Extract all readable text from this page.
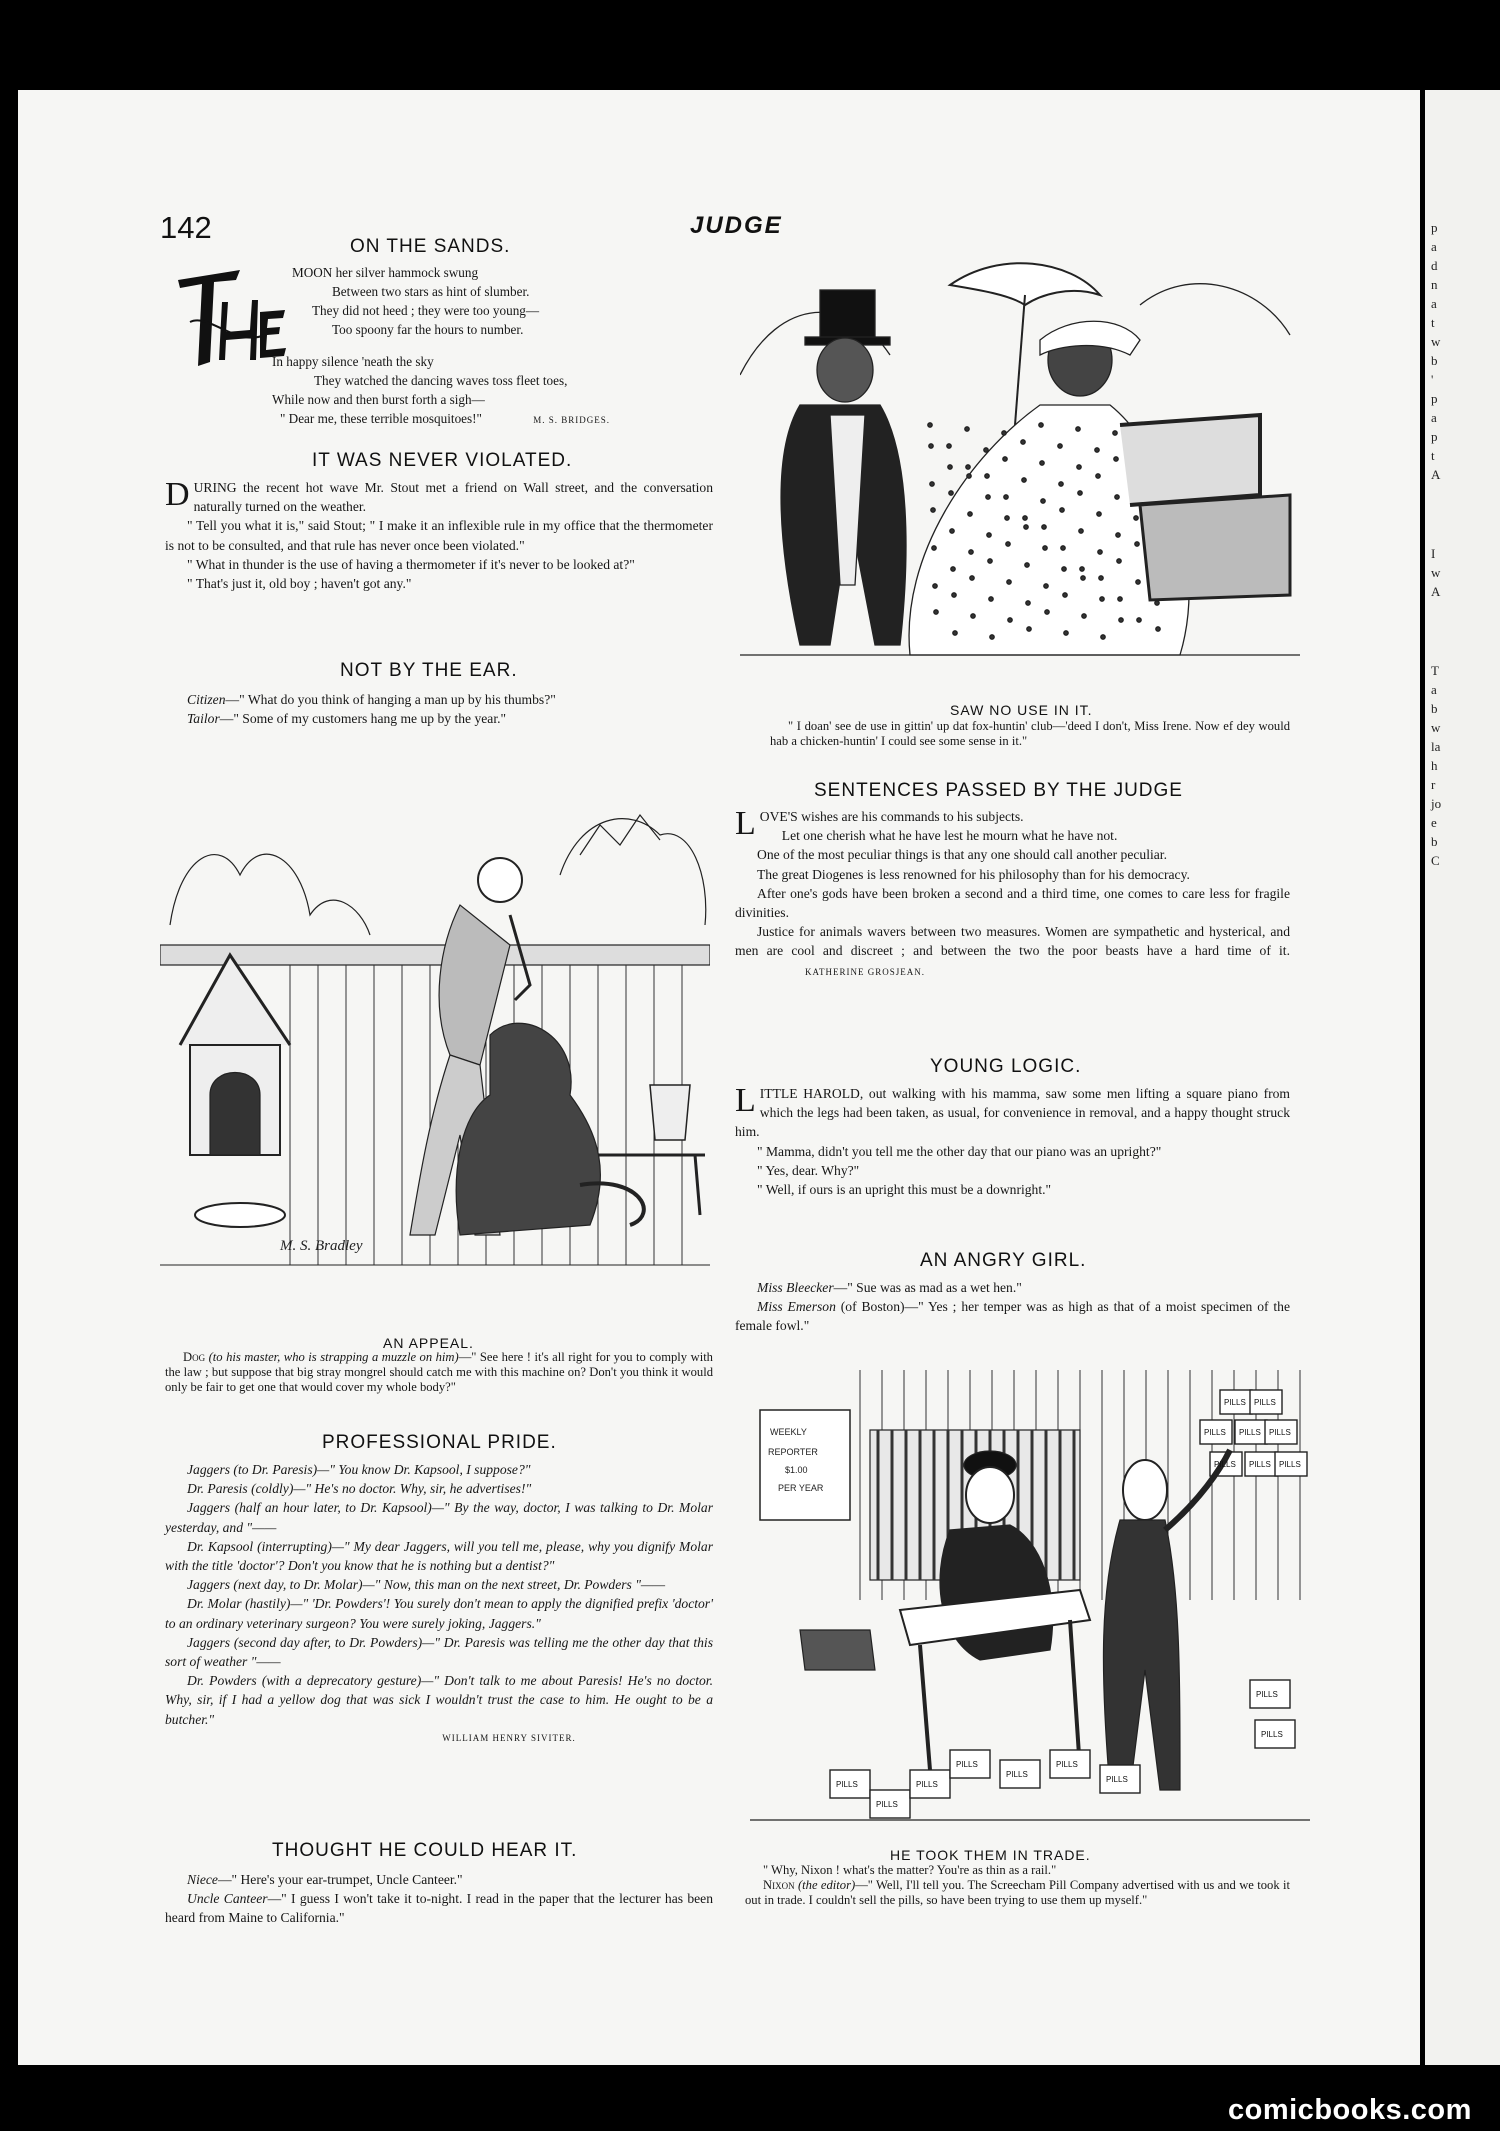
p
a
d
n
a
t
w
b
'
p
a
p
t
A
I
w
A
T
a
b
w
la
h
r
jo
e
b
C
142	JUDGE
ON THE SANDS.
MOON her silver hammock swung
Between two stars as hint of slumber.
They did not heed ; they were too young—
Too spoony far the hours to number.
In happy silence 'neath the sky
They watched the dancing waves toss fleet toes,
While now and then burst forth a sigh—
" Dear me, these terrible mosquitoes!"	M. S. BRIDGES.
IT WAS NEVER VIOLATED.

DURING the recent hot wave Mr. Stout met a friend on Wall street, and the conversation naturally turned on the weather.

" Tell you what it is," said Stout; " I make it an inflexible rule in my office that the thermometer is not to be consulted, and that rule has never once been violated."

" What in thunder is the use of having a thermometer if it's never to be looked at?"

" That's just it, old boy ; haven't got any."

NOT BY THE EAR.

Citizen—" What do you think of hanging a man up by his thumbs?"

Tailor—" Some of my customers hang me up by the year."

M. S. Bradley
AN APPEAL.

Dog (to his master, who is strapping a muzzle on him)—" See here ! it's all right for you to comply with the law ; but suppose that big stray mongrel should catch me with this machine on? Don't you think it would only be fair to get one that would cover my whole body?"

PROFESSIONAL PRIDE.

Jaggers (to Dr. Paresis)—" You know Dr. Kapsool, I suppose?"

Dr. Paresis (coldly)—" He's no doctor. Why, sir, he advertises!"

Jaggers (half an hour later, to Dr. Kapsool)—" By the way, doctor, I was talking to Dr. Molar yesterday, and "——

Dr. Kapsool (interrupting)—" My dear Jaggers, will you tell me, please, why you dignify Molar with the title 'doctor'? Don't you know that he is nothing but a dentist?"

Jaggers (next day, to Dr. Molar)—" Now, this man on the next street, Dr. Powders "——

Dr. Molar (hastily)—" 'Dr. Powders'! You surely don't mean to apply the dignified prefix 'doctor' to an ordinary veterinary surgeon? You were surely joking, Jaggers."

Jaggers (second day after, to Dr. Powders)—" Dr. Paresis was telling me the other day that this sort of weather "——

Dr. Powders (with a deprecatory gesture)—" Don't talk to me about Paresis! He's no doctor. Why, sir, if I had a yellow dog that was sick I wouldn't trust the case to him. He ought to be a butcher."

WILLIAM HENRY SIVITER.
THOUGHT HE COULD HEAR IT.

Niece—" Here's your ear-trumpet, Uncle Canteer."

Uncle Canteer—" I guess I won't take it to-night. I read in the paper that the lecturer has been heard from Maine to California."

SAW NO USE IN IT.

" I doan' see de use in gittin' up dat fox-huntin' club—'deed I don't, Miss Irene. Now ef dey would hab a chicken-huntin' I could see some sense in it."

SENTENCES PASSED BY THE JUDGE

LOVE'S wishes are his commands to his subjects.

Let one cherish what he have lest he mourn what he have not.

One of the most peculiar things is that any one should call another peculiar.

The great Diogenes is less renowned for his philosophy than for his democracy.

After one's gods have been broken a second and a third time, one comes to care less for fragile divinities.

Justice for animals wavers between two measures. Women are sympathetic and hysterical, and men are cool and discreet ; and between the two the poor beasts have a hard time of it. KATHERINE GROSJEAN.

YOUNG LOGIC.

LITTLE HAROLD, out walking with his mamma, saw some men lifting a square piano from which the legs had been taken, as usual, for convenience in removal, and a happy thought struck him.

" Mamma, didn't you tell me the other day that our piano was an upright?"

" Yes, dear. Why?"

" Well, if ours is an upright this must be a downright."

AN ANGRY GIRL.

Miss Bleecker—" Sue was as mad as a wet hen."

Miss Emerson (of Boston)—" Yes ; her temper was as high as that of a moist specimen of the female fowl."

WEEKLY
REPORTER
$1.00
PER YEAR
PILLS PILLS
PILLS PILLS PILLS
PILLS PILLS PILLS
PILLS
PILLS
PILLS
PILLS
PILLS
PILLS
PILLS
PILLS
PILLS
HE TOOK THEM IN TRADE.

" Why, Nixon ! what's the matter? You're as thin as a rail."

Nixon (the editor)—" Well, I'll tell you. The Screecham Pill Company advertised with us and we took it out in trade. I couldn't sell the pills, so have been trying to use them up myself."

comicbooks.com
